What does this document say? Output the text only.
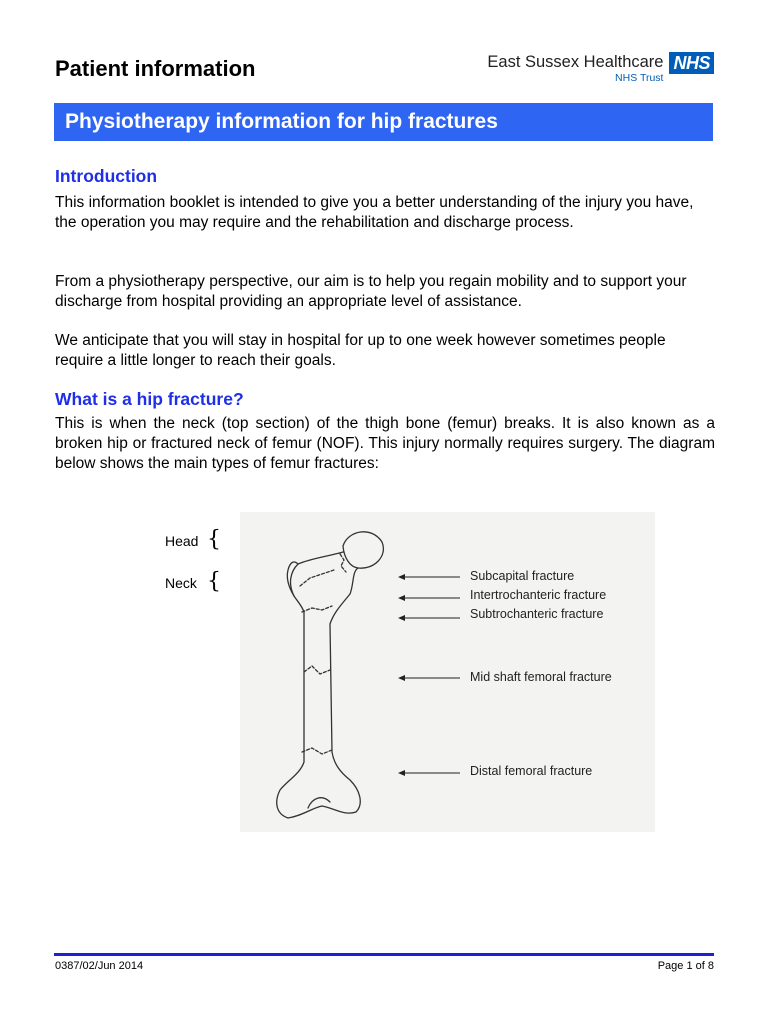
Patient information	East Sussex Healthcare
NHS Trust
NHS
Physiotherapy information for hip fractures
Introduction

This information booklet is intended to give you a better understanding of the injury you have, the operation you may require and the rehabilitation and discharge process.

From a physiotherapy perspective, our aim is to help you regain mobility and to support your discharge from hospital providing an appropriate level of assistance.

We anticipate that you will stay in hospital for up to one week however sometimes people require a little longer to reach their goals.

What is a hip fracture?

This is when the neck (top section) of the thigh bone (femur) breaks. It is also known as a broken hip or fractured neck of femur (NOF). This injury normally requires surgery. The diagram below shows the main types of femur fractures:

Head {
Neck {	Subcapital fracture
Intertrochanteric fracture
Subtrochanteric fracture
Mid shaft femoral fracture
Distal femoral fracture
0387/02/Jun 2014	Page 1 of 8
